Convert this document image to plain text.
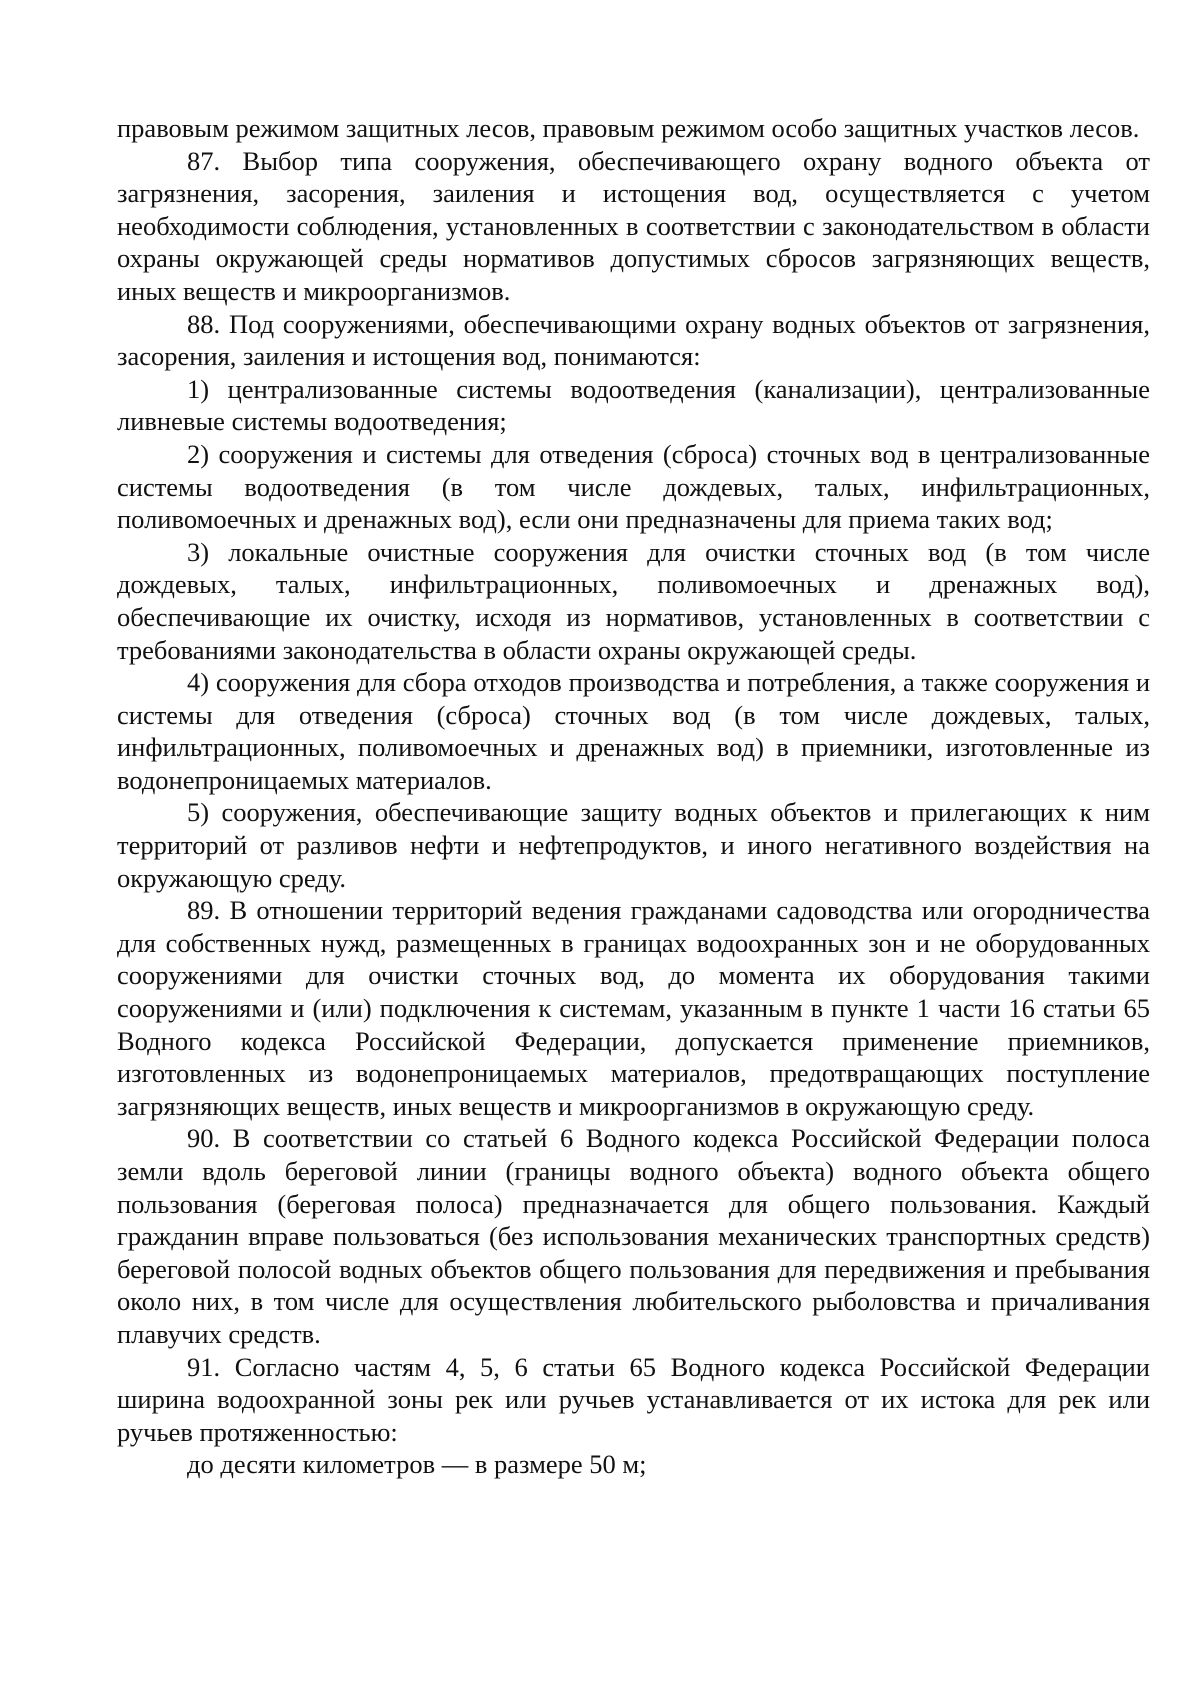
правовым режимом защитных лесов, правовым режимом особо защитных участков лесов.

87. Выбор типа сооружения, обеспечивающего охрану водного объекта от загрязнения, засорения, заиления и истощения вод, осуществляется с учетом необходимости соблюдения, установленных в соответствии с законодательством в области охраны окружающей среды нормативов допустимых сбросов загрязняющих веществ, иных веществ и микроорганизмов.

88. Под сооружениями, обеспечивающими охрану водных объектов от загрязнения, засорения, заиления и истощения вод, понимаются:

1) централизованные системы водоотведения (канализации), централизованные ливневые системы водоотведения;

2) сооружения и системы для отведения (сброса) сточных вод в централизованные системы водоотведения (в том числе дождевых, талых, инфильтрационных, поливомоечных и дренажных вод), если они предназначены для приема таких вод;

3) локальные очистные сооружения для очистки сточных вод (в том числе дождевых, талых, инфильтрационных, поливомоечных и дренажных вод), обеспечивающие их очистку, исходя из нормативов, установленных в соответствии с требованиями законодательства в области охраны окружающей среды.

4) сооружения для сбора отходов производства и потребления, а также сооружения и системы для отведения (сброса) сточных вод (в том числе дождевых, талых, инфильтрационных, поливомоечных и дренажных вод) в приемники, изготовленные из водонепроницаемых материалов.

5) сооружения, обеспечивающие защиту водных объектов и прилегающих к ним территорий от разливов нефти и нефтепродуктов, и иного негативного воздействия на окружающую среду.

89. В отношении территорий ведения гражданами садоводства или огородничества для собственных нужд, размещенных в границах водоохранных зон и не оборудованных сооружениями для очистки сточных вод, до момента их оборудования такими сооружениями и (или) подключения к системам, указанным в пункте 1 части 16 статьи 65 Водного кодекса Российской Федерации, допускается применение приемников, изготовленных из водонепроницаемых материалов, предотвращающих поступление загрязняющих веществ, иных веществ и микроорганизмов в окружающую среду.

90. В соответствии со статьей 6 Водного кодекса Российской Федерации полоса земли вдоль береговой линии (границы водного объекта) водного объекта общего пользования (береговая полоса) предназначается для общего пользования. Каждый гражданин вправе пользоваться (без использования механических транспортных средств) береговой полосой водных объектов общего пользования для передвижения и пребывания около них, в том числе для осуществления любительского рыболовства и причаливания плавучих средств.

91. Согласно частям 4, 5, 6 статьи 65 Водного кодекса Российской Федерации ширина водоохранной зоны рек или ручьев устанавливается от их истока для рек или ручьев протяженностью:

до десяти километров — в размере 50 м;
